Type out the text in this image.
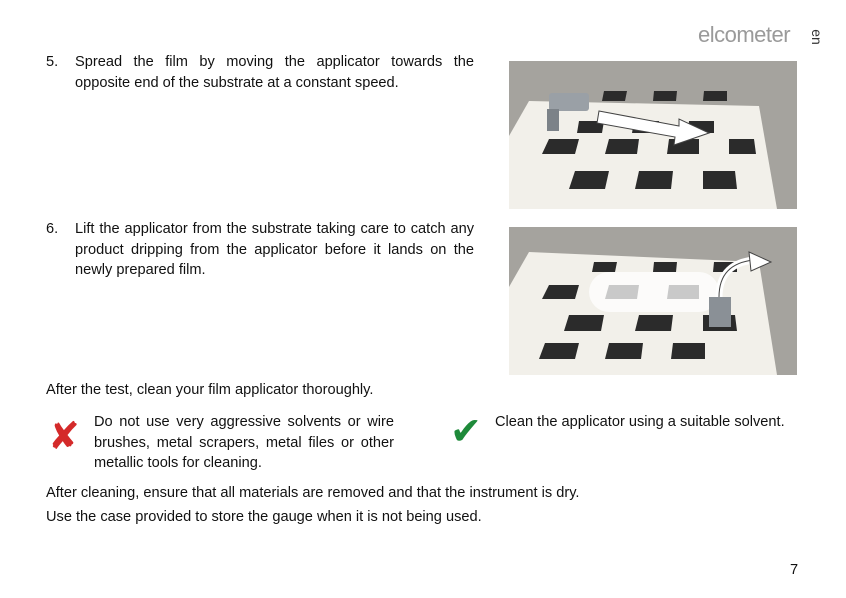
elcometer en
5. Spread the film by moving the applicator towards the opposite end of the substrate at a constant speed.
6. Lift the applicator from the substrate taking care to catch any product dripping from the applicator before it lands on the newly prepared film.
After the test, clean your film applicator thoroughly.
✘ Do not use very aggressive solvents or wire brushes, metal scrapers, metal files or other metallic tools for cleaning.
✔ Clean the applicator using a suitable solvent.
After cleaning, ensure that all materials are removed and that the instrument is dry.
Use the case provided to store the gauge when it is not being used.
7
